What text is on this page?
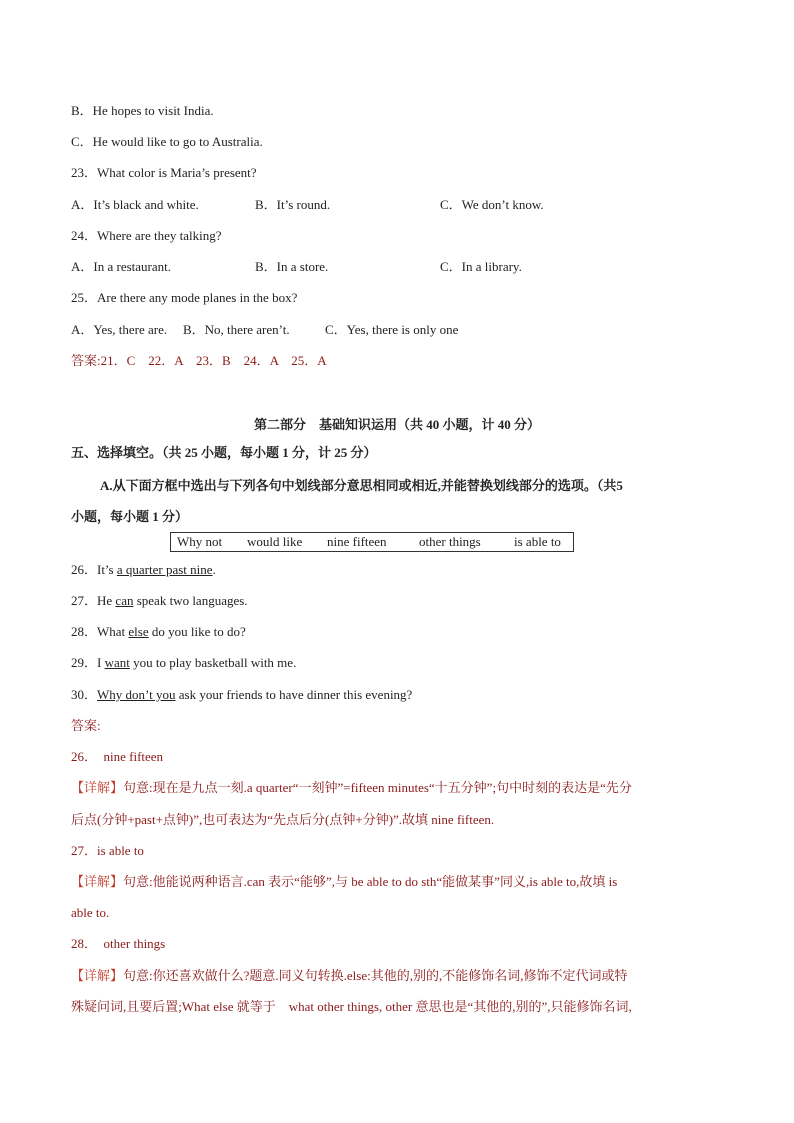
B．He hopes to visit India.
C．He would like to go to Australia.
23．What color is Maria’s present?
A．It’s black and white.	B．It’s round.	C．We don’t know.
24．Where are they talking?
A．In a restaurant.	B．In a store.	C．In a library.
25．Are there any mode planes in the box?
A．Yes, there are. B．No, there aren’t.	C．Yes, there is only one
答案:21．C　22．A　23．B　24．A　25．A
第二部分　基础知识运用（共 40 小题，计 40 分）
五、选择填空。（共 25 小题，每小题 1 分，计 25 分）
A.从下面方框中选出与下列各句中划线部分意思相同或相近,并能替换划线部分的选项。（共5
小题，每小题 1 分）
Why not would like nine fifteen other things	is able to
26．It’s a quarter past nine.
27．He can speak two languages.
28．What else do you like to do?
29．I want you to play basketball with me.
30．Why don’t you ask your friends to have dinner this evening?
答案:
26．　nine fifteen
【详解】句意:现在是九点一刻.a quarter“一刻钟”=fifteen minutes“十五分钟”;句中时刻的表达是“先分
后点(分钟+past+点钟)”,也可表达为“先点后分(点钟+分钟)”.故填 nine fifteen.
27．is able to
【详解】句意:他能说两种语言.can 表示“能够”,与 be able to do sth“能做某事”同义,is able to,故填 is
able to.
28．　other things
【详解】句意:你还喜欢做什么?题意.同义句转换.else:其他的,别的,不能修饰名词,修饰不定代词或特
殊疑问词,且要后置;What else 就等于　what other things, other 意思也是“其他的,别的”,只能修饰名词,
